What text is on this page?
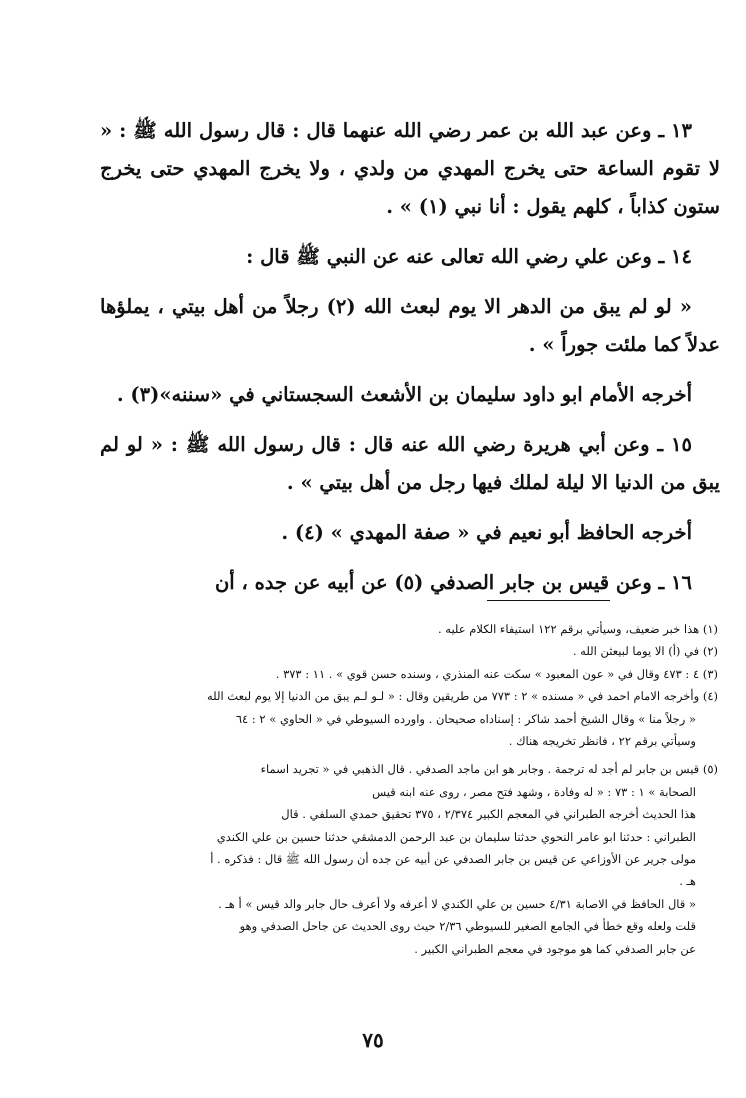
١٣ ـ وعن عبد الله بن عمر رضي الله عنهما قال : قال رسول الله ﷺ : « لا تقوم الساعة حتى يخرج المهدي من ولدي ، ولا يخرج المهدي حتى يخرج ستون كذاباً ، كلهم يقول : أنا نبي (١) » .

١٤ ـ وعن علي رضي الله تعالى عنه عن النبي ﷺ قال :

« لو لم يبق من الدهر الا يوم لبعث الله (٢) رجلاً من أهل بيتي ، يملؤها عدلاً كما ملئت جوراً » .

أخرجه الأمام ابو داود سليمان بن الأشعث السجستاني في «سننه»(٣) .

١٥ ـ وعن أبي هريرة رضي الله عنه قال : قال رسول الله ﷺ : « لو لم يبق من الدنيا الا ليلة لملك فيها رجل من أهل بيتي » .

أخرجه الحافظ أبو نعيم في « صفة المهدي » (٤) .

١٦ ـ وعن قيس بن جابر الصدفي (٥) عن أبيه عن جده ، أن

(١) هذا خبر ضعيف، وسيأتي برقم ١٢٢ استيفاء الكلام عليه .

(٢) في (أ) الا يوما لبيعثن الله .

(٣) ٤ : ٤٧٣ وقال في « عون المعبود » سكت عنه المنذري ، وسنده حسن قوي » . ١١ : ٣٧٣ .

(٤) وأخرجه الامام احمد في « مسنده » ٢ : ٧٧٣ من طريقين وقال : « لـو لـم يبق من الدنيا إلا يوم لبعث الله

« رجلاً منا » وقال الشيخ أحمد شاكر : إسناداه صحيحان . واورده السيوطي في « الحاوي » ٢ : ٦٤

وسيأتي برقم ٢٢ ، فانظر تخريجه هناك .

(٥) قيس بن جابر لم أجد له ترجمة . وجابر هو ابن ماجد الصدفي . قال الذهبي في « تجريد اسماء

الصحابة » ١ : ٧٣ : « له وفادة ، وشهد فتح مصر ، روى عنه ابنه قيس

هذا الحديث أخرجه الطبراني في المعجم الكبير ٢/٣٧٤ ، ٣٧٥ تحقيق حمدي السلفي . قال

الطبراني : حدثنا ابو عامر النحوي حدثنا سليمان بن عبد الرحمن الدمشقي حدثنا حسين بن علي الكندي

مولى جرير عن الأوزاعي عن قيس بن جابر الصدفي عن أبيه عن جده أن رسول الله ﷺ قال : فذكره . أ

هـ .

« قال الحافظ في الاصابة ٤/٣١ حسين بن علي الكندي لا أعرفه ولا أعرف حال جابر والد قيس » أ هـ .

قلت ولعله وقع خطأ في الجامع الصغير للسيوطي ٢/٣٦ حيث روى الحديث عن جاحل الصدفي وهو

عن جابر الصدفي كما هو موجود في معجم الطبراني الكبير .

٧٥
